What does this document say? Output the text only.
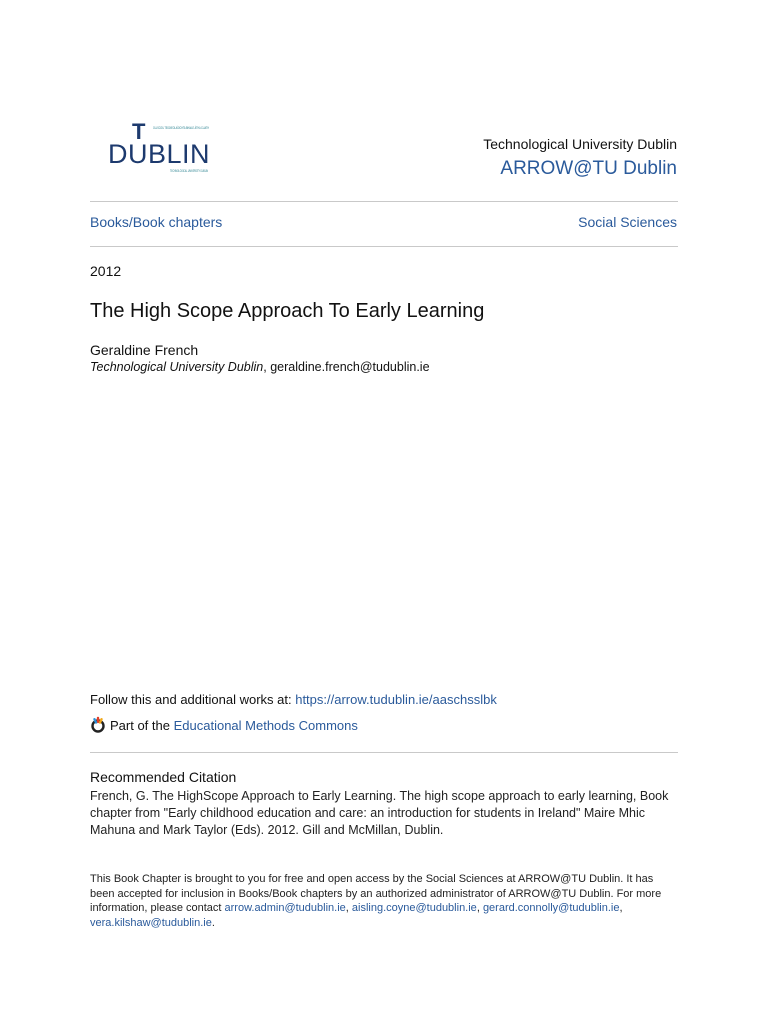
T
DUBLIN
OLLSCOIL TEICNEOLAÍOCHTA BHAILE ÁTHA CLIATH
TECHNOLOGICAL UNIVERSITY DUBLIN
Technological University Dublin
ARROW@TU Dublin
Books/Book chapters	Social Sciences
2012
The High Scope Approach To Early Learning
Geraldine French
Technological University Dublin, geraldine.french@tudublin.ie
Follow this and additional works at: https://arrow.tudublin.ie/aaschsslbk
Part of the
Educational Methods Commons
Recommended Citation
French, G. The HighScope Approach to Early Learning. The high scope approach to early learning, Book chapter from "Early childhood education and care: an introduction for students in Ireland" Maire Mhic Mahuna and Mark Taylor (Eds). 2012. Gill and McMillan, Dublin.
This Book Chapter is brought to you for free and open access by the Social Sciences at ARROW@TU Dublin. It has been accepted for inclusion in Books/Book chapters by an authorized administrator of ARROW@TU Dublin. For more information, please contact arrow.admin@tudublin.ie, aisling.coyne@tudublin.ie, gerard.connolly@tudublin.ie, vera.kilshaw@tudublin.ie.
